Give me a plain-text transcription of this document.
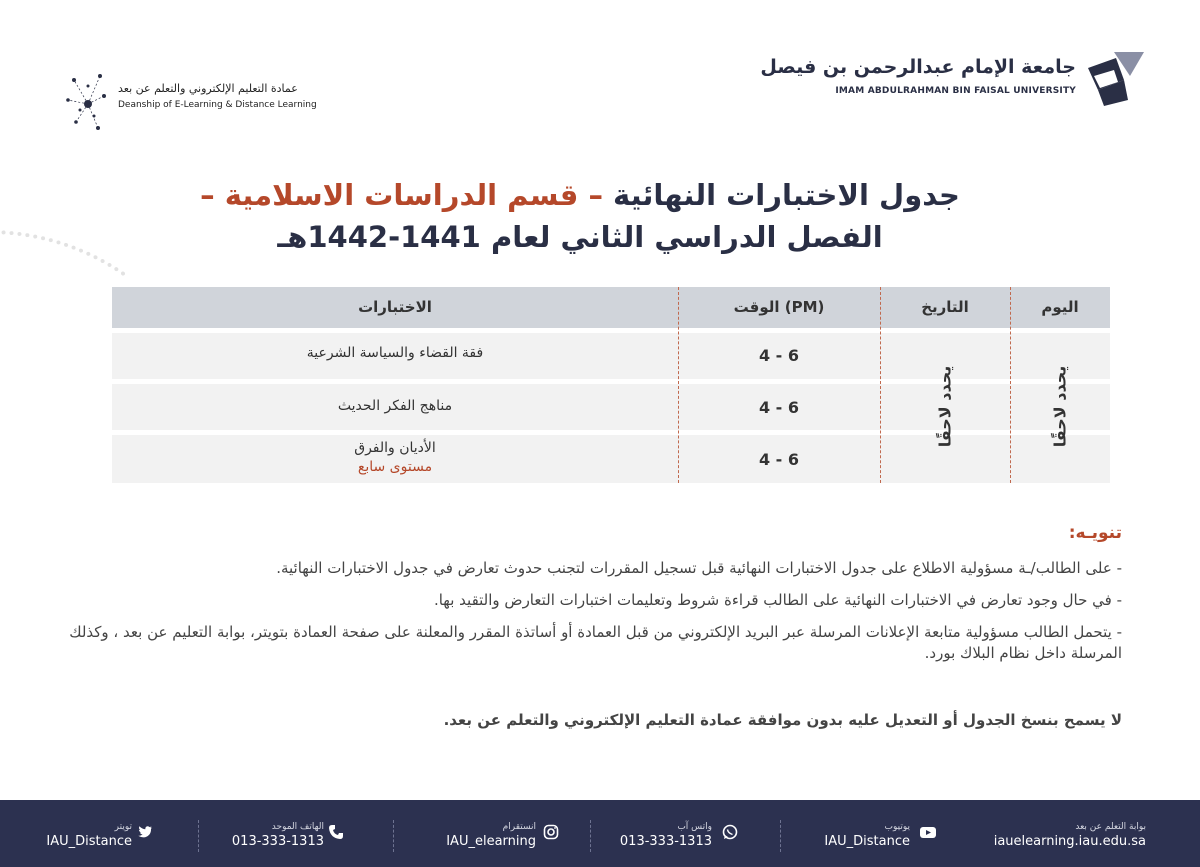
جامعة الإمام عبدالرحمن بن فيصل
IMAM ABDULRAHMAN BIN FAISAL UNIVERSITY
عمادة التعليم الإلكتروني والتعلم عن بعد
Deanship of E-Learning & Distance Learning
جدول الاختبارات النهائية – قسم الدراسات الاسلامية –
الفصل الدراسي الثاني لعام 1441-1442هـ
اليوم
التاريخ
الوقت (PM)
الاختبارات
يحدد لاحقًا
يحدد لاحقًا
فقة القضاء والسياسة الشرعية
مناهج الفكر الحديث
الأديان والفرق
مستوى سابع
4 - 6
4 - 6
4 - 6
تنويـه:
- على الطالب/ـة مسؤولية الاطلاع على جدول الاختبارات النهائية قبل تسجيل المقررات لتجنب حدوث تعارض في جدول الاختبارات النهائية.
- في حال وجود تعارض في الاختبارات النهائية على الطالب قراءة شروط وتعليمات اختبارات التعارض والتقيد بها.
- يتحمل الطالب مسؤولية متابعة الإعلانات المرسلة عبر البريد الإلكتروني من قبل العمادة أو أساتذة المقرر والمعلنة على صفحة العمادة بتويتر، بوابة التعليم عن بعد ، وكذلك المرسلة داخل نظام البلاك بورد.
لا يسمح بنسخ الجدول أو التعديل عليه بدون موافقة عمادة التعليم الإلكتروني والتعلم عن بعد.
بوابة التعلم عن بعد
iauelearning.iau.edu.sa
يوتيوب
IAU_Distance
واتس آب
013-333-1313
انستقرام
IAU_elearning
الهاتف الموحد
013-333-1313
تويتر
IAU_Distance
